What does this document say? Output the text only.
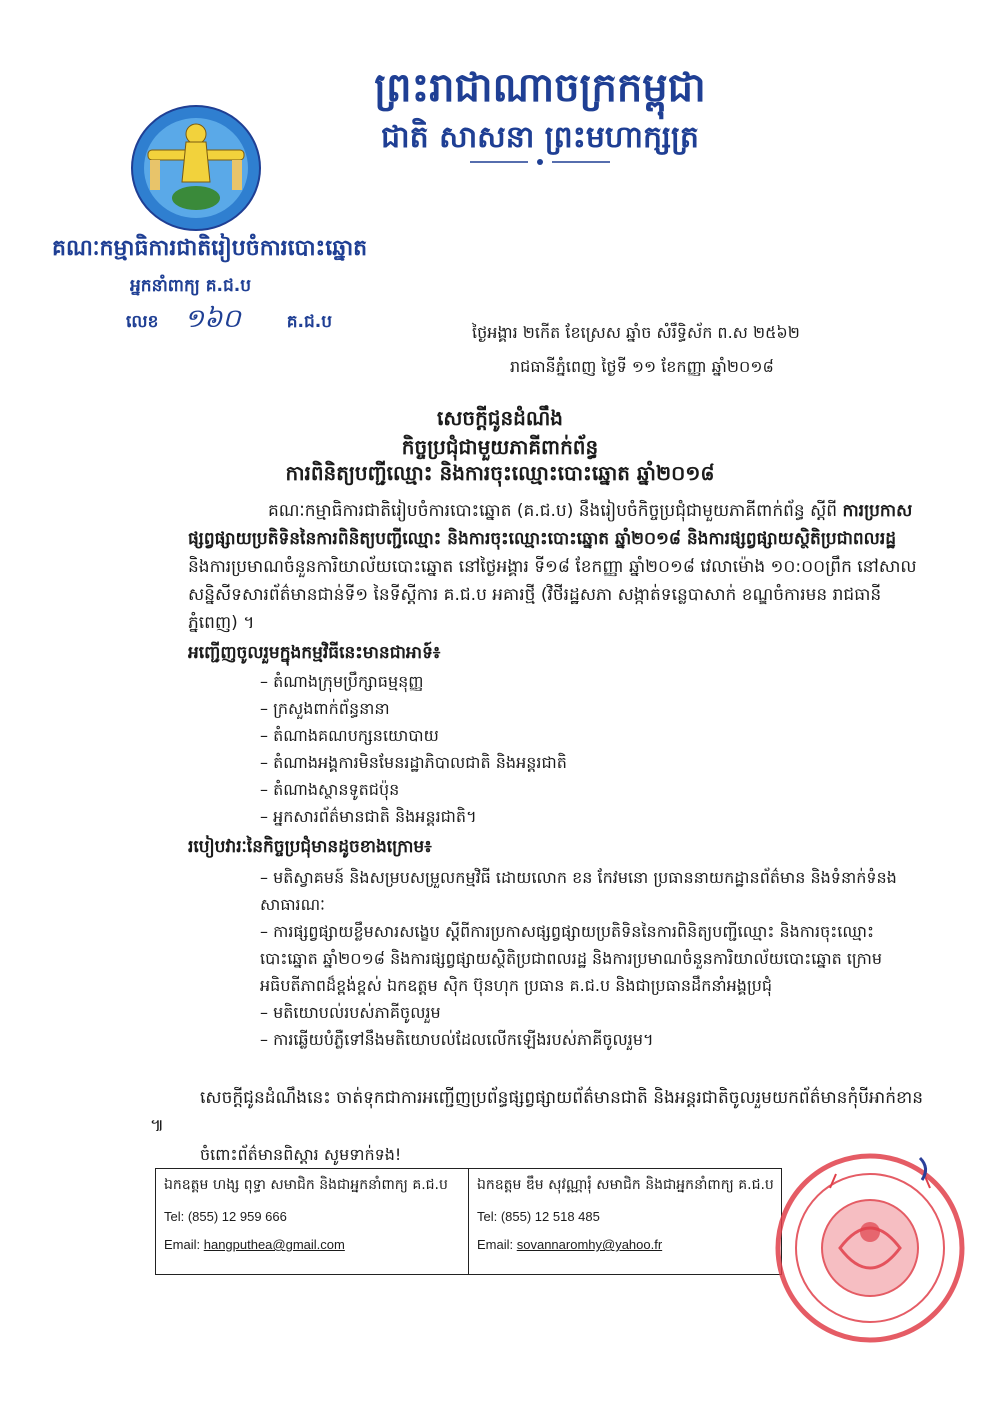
ព្រះរាជាណាចក្រកម្ពុជា
ជាតិ សាសនា ព្រះមហាក្សត្រ
គណៈកម្មាធិការជាតិរៀបចំការបោះឆ្នោត
អ្នកនាំពាក្យ គ.ជ.ប
លេខ ១៦០	គ.ជ.ប
ថ្ងៃអង្គារ ២កើត ខែស្រេស ឆ្នាំច សំរឹទ្ធិស័ក ព.ស ២៥៦២
រាជធានីភ្នំពេញ ថ្ងៃទី ១១ ខែកញ្ញា ឆ្នាំ២០១៨
សេចក្តីជូនដំណឹង
កិច្ចប្រជុំជាមួយភាគីពាក់ព័ន្ធ
ការពិនិត្យបញ្ជីឈ្មោះ និងការចុះឈ្មោះបោះឆ្នោត ឆ្នាំ២០១៨
គណៈកម្មាធិការជាតិរៀបចំការបោះឆ្នោត (គ.ជ.ប) នឹងរៀបចំកិច្ចប្រជុំជាមួយភាគីពាក់ព័ន្ធ ស្តីពី ការប្រកាសផ្សព្វផ្សាយប្រតិទិននៃការពិនិត្យបញ្ជីឈ្មោះ និងការចុះឈ្មោះបោះឆ្នោត ឆ្នាំ២០១៨ និងការផ្សព្វផ្សាយស្ថិតិប្រជាពលរដ្ឋ និងការប្រមាណចំនួនការិយាល័យបោះឆ្នោត នៅថ្ងៃអង្គារ ទី១៨ ខែកញ្ញា ឆ្នាំ២០១៨ វេលាម៉ោង ១០:០០ព្រឹក នៅសាលសន្និសីទសារព័ត៌មានជាន់ទី១ នៃទីស្តីការ គ.ជ.ប អគារថ្មី (វិថីរដ្ឋសភា សង្កាត់ទន្លេបាសាក់ ខណ្ឌចំការមន រាជធានីភ្នំពេញ) ។
អញ្ជើញចូលរួមក្នុងកម្មវិធីនេះមានជាអាទ៍៖
– តំណាងក្រុមប្រឹក្សាធម្មនុញ្ញ
– ក្រសួងពាក់ព័ន្ធនានា
– តំណាងគណបក្សនយោបាយ
– តំណាងអង្គការមិនមែនរដ្ឋាភិបាលជាតិ និងអន្តរជាតិ
– តំណាងស្ថានទូតជប៉ុន
– អ្នកសារព័ត៌មានជាតិ និងអន្តរជាតិ។
របៀបវារៈនៃកិច្ចប្រជុំមានដូចខាងក្រោម៖
– មតិស្វាគមន៍ និងសម្របសម្រួលកម្មវិធី ដោយលោក ខន កែវមនោ ប្រធាននាយកដ្ឋានព័ត៌មាន និងទំនាក់ទំនងសាធារណៈ
– ការផ្សព្វផ្សាយខ្លឹមសារសង្ខេប ស្តីពីការប្រកាសផ្សព្វផ្សាយប្រតិទិននៃការពិនិត្យបញ្ជីឈ្មោះ និងការចុះឈ្មោះបោះឆ្នោត ឆ្នាំ២០១៨ និងការផ្សព្វផ្សាយស្ថិតិប្រជាពលរដ្ឋ និងការប្រមាណចំនួនការិយាល័យបោះឆ្នោត ក្រោមអធិបតីភាពដ៏ខ្ពង់ខ្ពស់ ឯកឧត្តម ស៊ិក ប៊ុនហុក ប្រធាន គ.ជ.ប និងជាប្រធានដឹកនាំអង្គប្រជុំ
– មតិយោបល់របស់ភាគីចូលរួម
– ការឆ្លើយបំភ្លឺទៅនឹងមតិយោបល់ដែលលើកឡើងរបស់ភាគីចូលរួម។
សេចក្តីជូនដំណឹងនេះ ចាត់ទុកជាការអញ្ជើញប្រព័ន្ធផ្សព្វផ្សាយព័ត៌មានជាតិ និងអន្តរជាតិចូលរួមយកព័ត៌មានកុំបីអាក់ខាន ៕
ចំពោះព័ត៌មានពិស្តារ សូមទាក់ទង!
ឯកឧត្តម ហង្ស ពុទ្ធា សមាជិក និងជាអ្នកនាំពាក្យ គ.ជ.ប
Tel: (855) 12 959 666
Email: hangputhea@gmail.com
ឯកឧត្តម ឌឹម សុវណ្ណារុំ សមាជិក និងជាអ្នកនាំពាក្យ គ.ជ.ប
Tel: (855) 12 518 485
Email: sovannaromhy@yahoo.fr
